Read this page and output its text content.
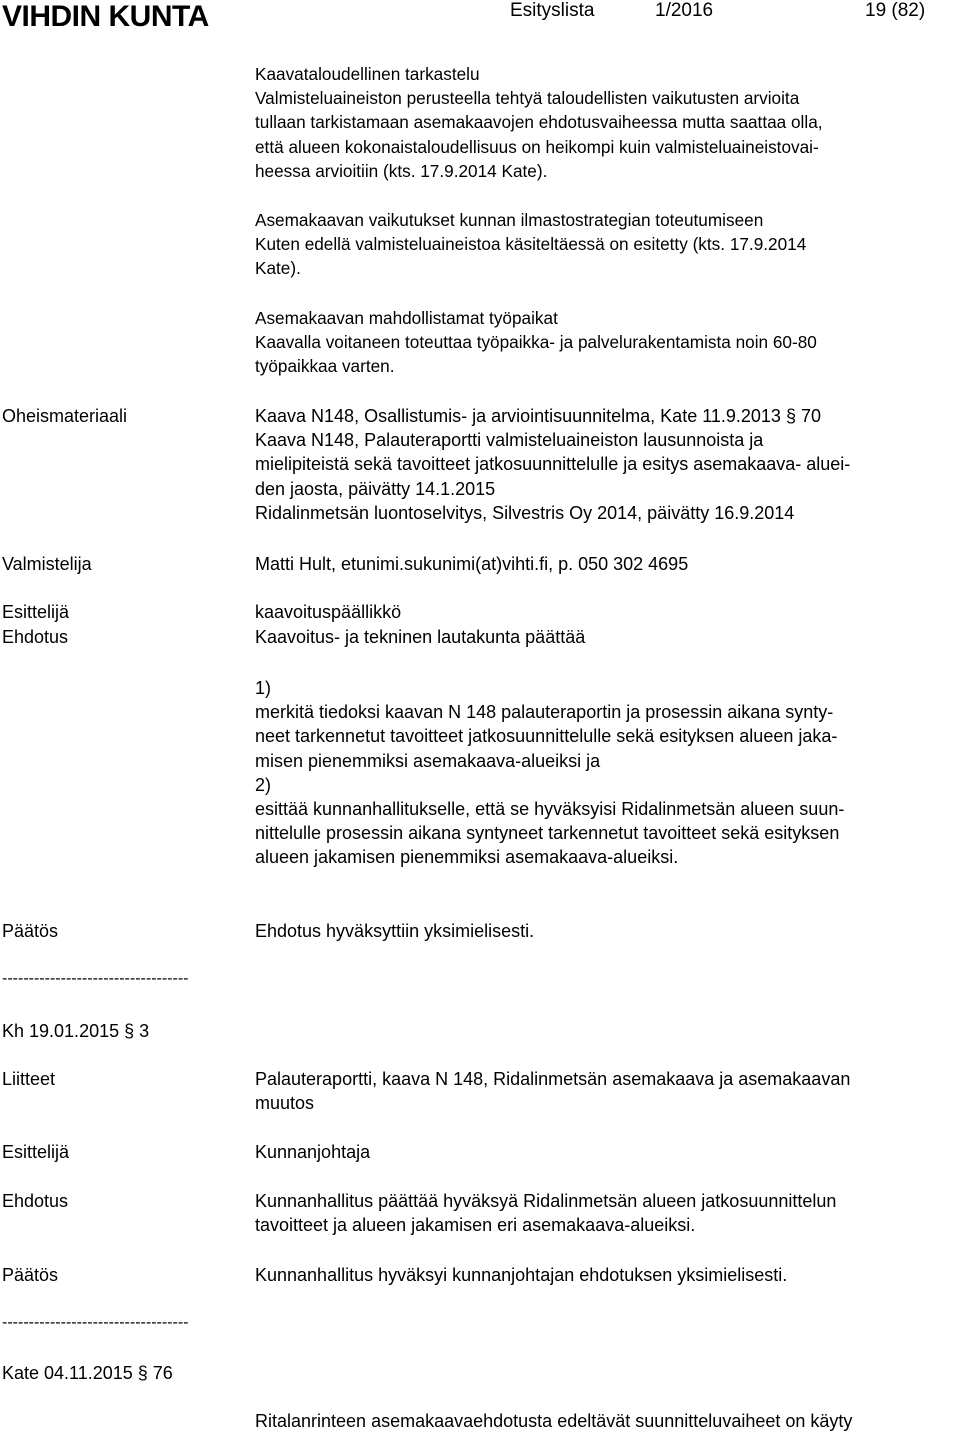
VIHDIN KUNTA	Esityslista	1/2016	19 (82)
Kaavataloudellinen tarkastelu
Valmisteluaineiston perusteella tehtyä taloudellisten vaikutusten arvioita
tullaan tarkistamaan asemakaavojen ehdotusvaiheessa mutta saattaa olla,
että alueen kokonaistaloudellisuus on heikompi kuin valmisteluaineistovai-
heessa arvioitiin (kts. 17.9.2014 Kate).
Asemakaavan vaikutukset kunnan ilmastostrategian toteutumiseen
Kuten edellä valmisteluaineistoa käsiteltäessä on esitetty (kts. 17.9.2014
Kate).
Asemakaavan mahdollistamat työpaikat
Kaavalla voitaneen toteuttaa työpaikka- ja palvelurakentamista noin 60-80
työpaikkaa varten.
Oheismateriaali	Kaava N148, Osallistumis- ja arviointisuunnitelma, Kate 11.9.2013 § 70
Kaava N148, Palauteraportti valmisteluaineiston lausunnoista ja
mielipiteistä sekä tavoitteet jatkosuunnittelulle ja esitys asemakaava- aluei-
den jaosta, päivätty 14.1.2015
Ridalinmetsän luontoselvitys, Silvestris Oy 2014, päivätty 16.9.2014
Valmistelija	Matti Hult, etunimi.sukunimi(at)vihti.fi, p. 050 302 4695
Esittelijä	kaavoituspäällikkö
Ehdotus	Kaavoitus- ja tekninen lautakunta päättää
1)
merkitä tiedoksi kaavan N 148 palauteraportin ja prosessin aikana synty-
neet tarkennetut tavoitteet jatkosuunnittelulle sekä esityksen alueen jaka-
misen pienemmiksi asemakaava-alueiksi ja
2)
esittää kunnanhallitukselle, että se hyväksyisi Ridalinmetsän alueen suun-
nittelulle prosessin aikana syntyneet tarkennetut tavoitteet sekä esityksen
alueen jakamisen pienemmiksi asemakaava-alueiksi.
Päätös	Ehdotus hyväksyttiin yksimielisesti.
-----------------------------------
Kh 19.01.2015 § 3
Liitteet	Palauteraportti, kaava N 148, Ridalinmetsän asemakaava ja asemakaavan
muutos
Esittelijä	Kunnanjohtaja
Ehdotus	Kunnanhallitus päättää hyväksyä Ridalinmetsän alueen jatkosuunnittelun
tavoitteet ja alueen jakamisen eri asemakaava-alueiksi.
Päätös	Kunnanhallitus hyväksyi kunnanjohtajan ehdotuksen yksimielisesti.
-----------------------------------
Kate 04.11.2015 § 76
Ritalanrinteen asemakaavaehdotusta edeltävät suunnitteluvaiheet on käyty
